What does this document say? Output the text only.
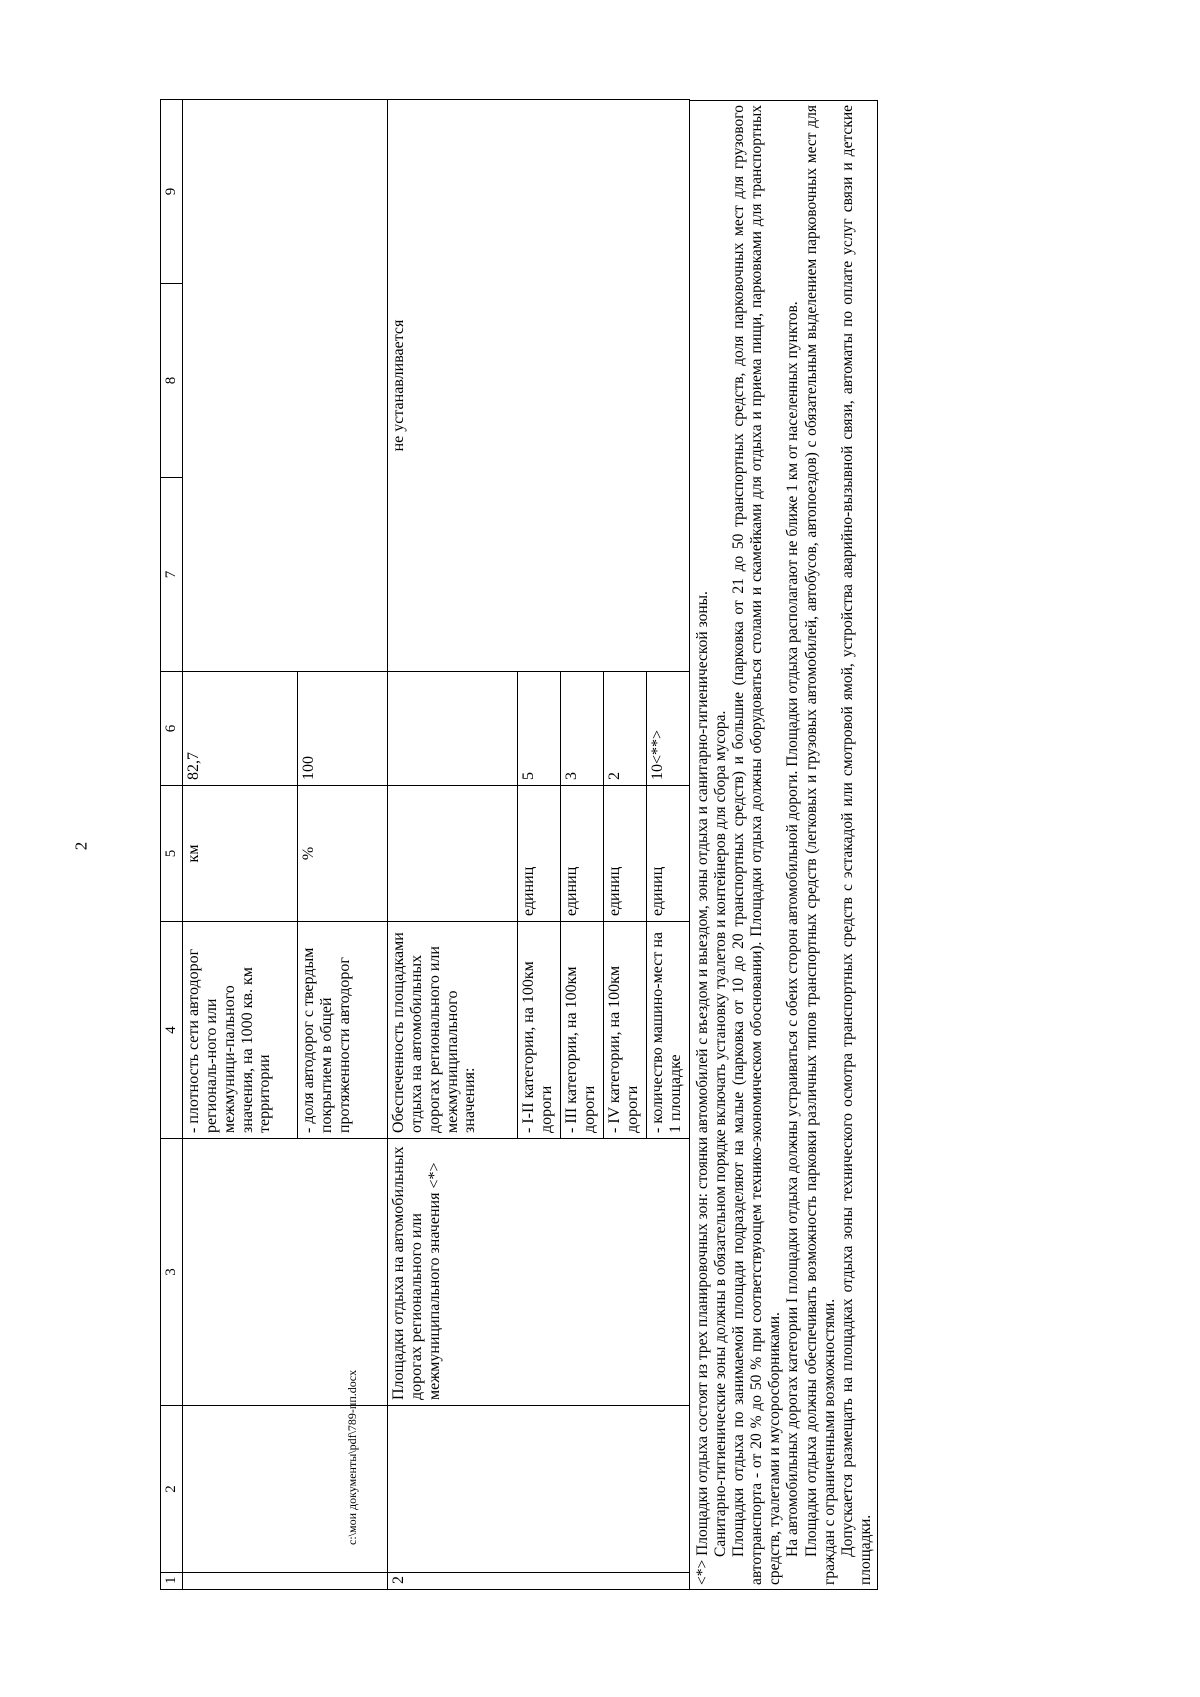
2
1	2	3	4	5	6	7	8	9
			- плотность сети автодорог региональ-ного или межмуници-пального значения, на 1000 кв. км территории	км	82,7			
			- доля автодорог с твердым покрытием в общей протяженности автодорог	%	100			
2		Площадки отдыха на автомобильных дорогах регионального или межмуниципального значения <*>	Обеспеченность площадками отдыха на автомобильных дорогах регионального или межмуниципального значения:			не устанавливается		
			- I-II категории, на 100км дороги	единиц	5			
			- III категории, на 100км дороги	единиц	3			
			- IV категории, на 100км дороги	единиц	2			
			- количество машино-мест на 1 площадке	единиц	10<**>			<*> Площадки отдыха состоят из трех планировочных зон: стоянки автомобилей с въездом и выездом, зоны отдыха и санитарно-гигиенической зоны. Санитарно-гигиенические зоны должны в обязательном порядке включать установку туалетов и контейнеров для сбора мусора. Площадки отдыха по занимаемой площади подразделяют на малые (парковка от 10 до 20 транспортных средств) и большие (парковка от 21 до 50 транспортных средств, доля парковочных мест для грузового автотранспорта - от 20 % до 50 % при соответствующем технико-экономическом обосновании). Площадки отдыха должны оборудоваться столами и скамейками для отдыха и приема пищи, парковками для транспортных средств, туалетами и мусоросборниками. На автомобильных дорогах категории I площадки отдыха должны устраиваться с обеих сторон автомобильной дороги. Площадки отдыха располагают не ближе 1 км от населенных пунктов. Площадки отдыха должны обеспечивать возможность парковки различных типов транспортных средств (легковых и грузовых автомобилей, автобусов, автопоездов) с обязательным выделением парковочных мест для граждан с ограниченными возможностями. Допускается размещать на площадках отдыха зоны технического осмотра транспортных средств с эстакадой или смотровой ямой, устройства аварийно-вызывной связи, автоматы по оплате услуг связи и детские площадки.

c:\мои документы\pdf\789-пп.docx
